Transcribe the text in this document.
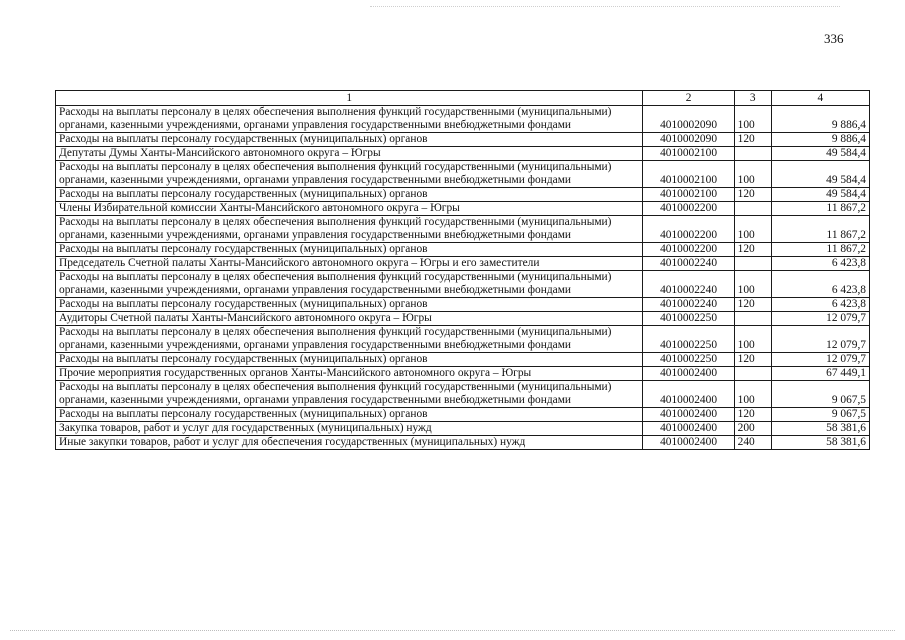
336
1	2	3	4
Расходы на выплаты персоналу в целях обеспечения выполнения функций государственными (муниципальными) органами, казенными учреждениями, органами управления государственными внебюджетными фондами	4010002090	100	9 886,4
Расходы на выплаты персоналу государственных (муниципальных) органов	4010002090	120	9 886,4
Депутаты Думы Ханты-Мансийского автономного округа – Югры	4010002100		49 584,4
Расходы на выплаты персоналу в целях обеспечения выполнения функций государственными (муниципальными) органами, казенными учреждениями, органами управления государственными внебюджетными фондами	4010002100	100	49 584,4
Расходы на выплаты персоналу государственных (муниципальных) органов	4010002100	120	49 584,4
Члены Избирательной комиссии Ханты-Мансийского автономного округа – Югры	4010002200		11 867,2
Расходы на выплаты персоналу в целях обеспечения выполнения функций государственными (муниципальными) органами, казенными учреждениями, органами управления государственными внебюджетными фондами	4010002200	100	11 867,2
Расходы на выплаты персоналу государственных (муниципальных) органов	4010002200	120	11 867,2
Председатель Счетной палаты Ханты-Мансийского автономного округа – Югры и его заместители	4010002240		6 423,8
Расходы на выплаты персоналу в целях обеспечения выполнения функций государственными (муниципальными) органами, казенными учреждениями, органами управления государственными внебюджетными фондами	4010002240	100	6 423,8
Расходы на выплаты персоналу государственных (муниципальных) органов	4010002240	120	6 423,8
Аудиторы Счетной палаты Ханты-Мансийского автономного округа – Югры	4010002250		12 079,7
Расходы на выплаты персоналу в целях обеспечения выполнения функций государственными (муниципальными) органами, казенными учреждениями, органами управления государственными внебюджетными фондами	4010002250	100	12 079,7
Расходы на выплаты персоналу государственных (муниципальных) органов	4010002250	120	12 079,7
Прочие мероприятия государственных органов Ханты-Мансийского автономного округа – Югры	4010002400		67 449,1
Расходы на выплаты персоналу в целях обеспечения выполнения функций государственными (муниципальными) органами, казенными учреждениями, органами управления государственными внебюджетными фондами	4010002400	100	9 067,5
Расходы на выплаты персоналу государственных (муниципальных) органов	4010002400	120	9 067,5
Закупка товаров, работ и услуг для государственных (муниципальных) нужд	4010002400	200	58 381,6
Иные закупки товаров, работ и услуг для обеспечения государственных (муниципальных) нужд	4010002400	240	58 381,6
